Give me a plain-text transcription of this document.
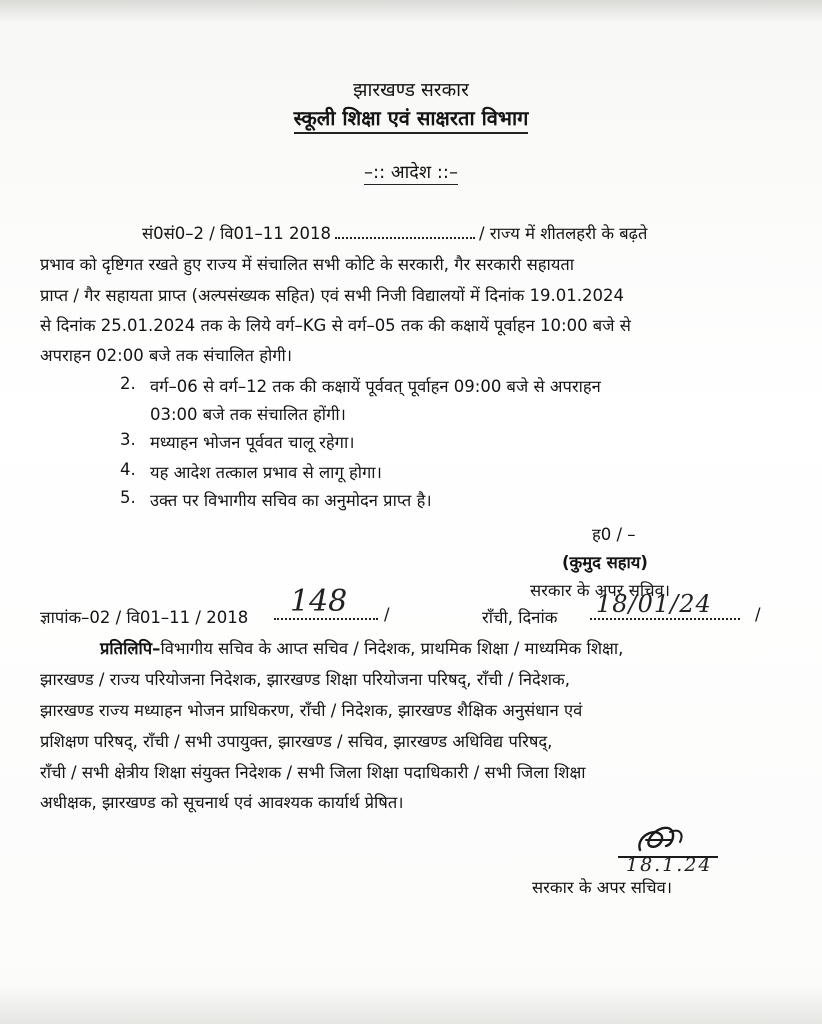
झारखण्ड सरकार
स्कूली शिक्षा एवं साक्षरता विभाग
–:: आदेश ::–
सं0सं0–2 / वि01–11 2018	/ राज्य में शीतलहरी के बढ़ते
प्रभाव को दृष्टिगत रखते हुए राज्य में संचालित सभी कोटि के सरकारी, गैर सरकारी सहायता
प्राप्त / गैर सहायता प्राप्त (अल्पसंख्यक सहित) एवं सभी निजी विद्यालयों में दिनांक 19.01.2024
से दिनांक 25.01.2024 तक के लिये वर्ग–KG से वर्ग–05 तक की कक्षायें पूर्वाहन 10:00 बजे से
अपराहन 02:00 बजे तक संचालित होगी।
2. वर्ग–06 से वर्ग–12 तक की कक्षायें पूर्ववत् पूर्वाहन 09:00 बजे से अपराहन
03:00 बजे तक संचालित होंगी।
3. मध्याहन भोजन पूर्ववत चालू रहेगा।
4. यह आदेश तत्काल प्रभाव से लागू होगा।
5. उक्त पर विभागीय सचिव का अनुमोदन प्राप्त है।
ह0 / –
(कुमुद सहाय)
सरकार के अपर सचिव।
ज्ञापांक–02 / वि01–11 / 2018 148 /	राँची, दिनांक 18/01/24	/
प्रतिलिपि–विभागीय सचिव के आप्त सचिव / निदेशक, प्राथमिक शिक्षा / माध्यमिक शिक्षा,
झारखण्ड / राज्य परियोजना निदेशक, झारखण्ड शिक्षा परियोजना परिषद्, राँची / निदेशक,
झारखण्ड राज्य मध्याहन भोजन प्राधिकरण, राँची / निदेशक, झारखण्ड शैक्षिक अनुसंधान एवं
प्रशिक्षण परिषद्, राँची / सभी उपायुक्त, झारखण्ड / सचिव, झारखण्ड अधिविद्य परिषद्,
राँची / सभी क्षेत्रीय शिक्षा संयुक्त निदेशक / सभी जिला शिक्षा पदाधिकारी / सभी जिला शिक्षा
अधीक्षक, झारखण्ड को सूचनार्थ एवं आवश्यक कार्यार्थ प्रेषित।
18.1.24
सरकार के अपर सचिव।
